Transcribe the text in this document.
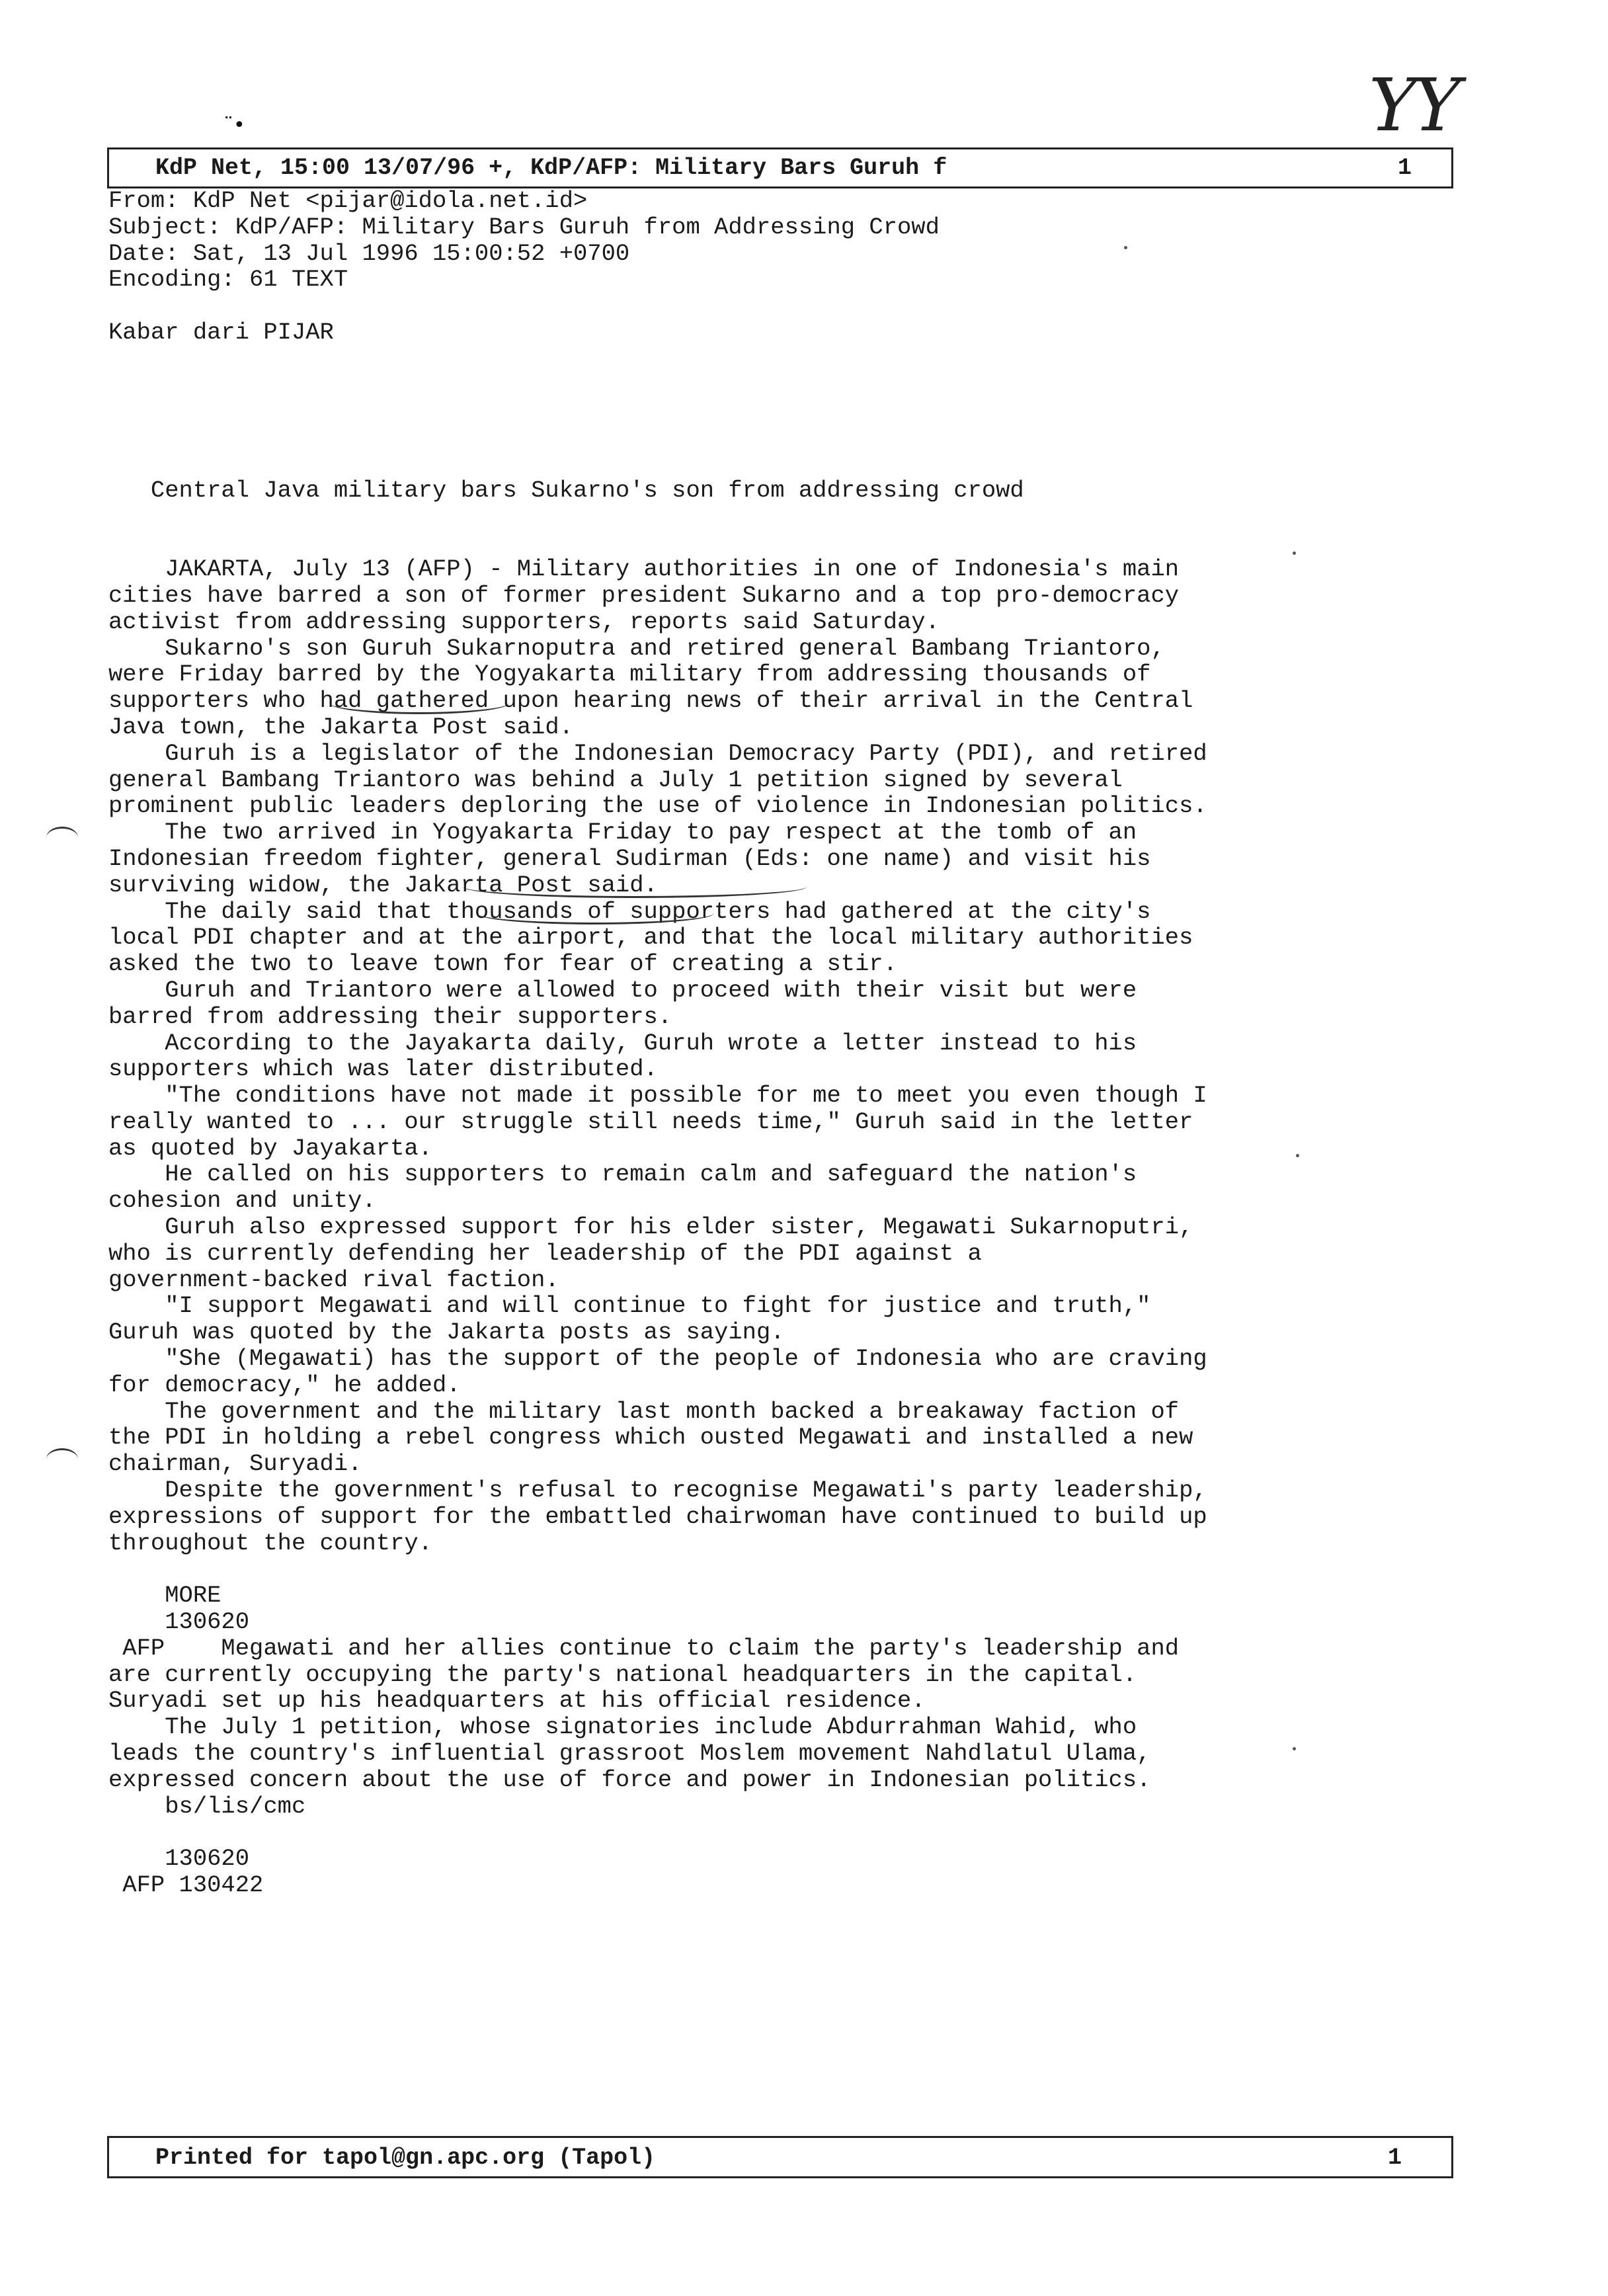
ΥΥ
¨•
KdP Net, 15:00 13/07/96 +, KdP/AFP: Military Bars Guruh f	1
From: KdP Net <pijar@idola.net.id>
Subject: KdP/AFP: Military Bars Guruh from Addressing Crowd
Date: Sat, 13 Jul 1996 15:00:52 +0700
Encoding: 61 TEXT

Kabar dari PIJAR

Central Java military bars Sukarno's son from addressing crowd

JAKARTA, July 13 (AFP) - Military authorities in one of Indonesia's main
cities have barred a son of former president Sukarno and a top pro-democracy
activist from addressing supporters, reports said Saturday.
Sukarno's son Guruh Sukarnoputra and retired general Bambang Triantoro,
were Friday barred by the Yogyakarta military from addressing thousands of
supporters who had gathered upon hearing news of their arrival in the Central
Java town, the Jakarta Post said.
Guruh is a legislator of the Indonesian Democracy Party (PDI), and retired
general Bambang Triantoro was behind a July 1 petition signed by several
prominent public leaders deploring the use of violence in Indonesian politics.
The two arrived in Yogyakarta Friday to pay respect at the tomb of an
Indonesian freedom fighter, general Sudirman (Eds: one name) and visit his
surviving widow, the Jakarta Post said.
The daily said that thousands of supporters had gathered at the city's
local PDI chapter and at the airport, and that the local military authorities
asked the two to leave town for fear of creating a stir.
Guruh and Triantoro were allowed to proceed with their visit but were
barred from addressing their supporters.
According to the Jayakarta daily, Guruh wrote a letter instead to his
supporters which was later distributed.
"The conditions have not made it possible for me to meet you even though I
really wanted to ... our struggle still needs time," Guruh said in the letter
as quoted by Jayakarta.
He called on his supporters to remain calm and safeguard the nation's
cohesion and unity.
Guruh also expressed support for his elder sister, Megawati Sukarnoputri,
who is currently defending her leadership of the PDI against a
government-backed rival faction.
"I support Megawati and will continue to fight for justice and truth,"
Guruh was quoted by the Jakarta posts as saying.
"She (Megawati) has the support of the people of Indonesia who are craving
for democracy," he added.
The government and the military last month backed a breakaway faction of
the PDI in holding a rebel congress which ousted Megawati and installed a new
chairman, Suryadi.
Despite the government's refusal to recognise Megawati's party leadership,
expressions of support for the embattled chairwoman have continued to build up
throughout the country.

MORE
130620
AFP    Megawati and her allies continue to claim the party's leadership and
are currently occupying the party's national headquarters in the capital.
Suryadi set up his headquarters at his official residence.
The July 1 petition, whose signatories include Abdurrahman Wahid, who
leads the country's influential grassroot Moslem movement Nahdlatul Ulama,
expressed concern about the use of force and power in Indonesian politics.
bs/lis/cmc

130620
AFP 130422
Printed for tapol@gn.apc.org (Tapol)	1
